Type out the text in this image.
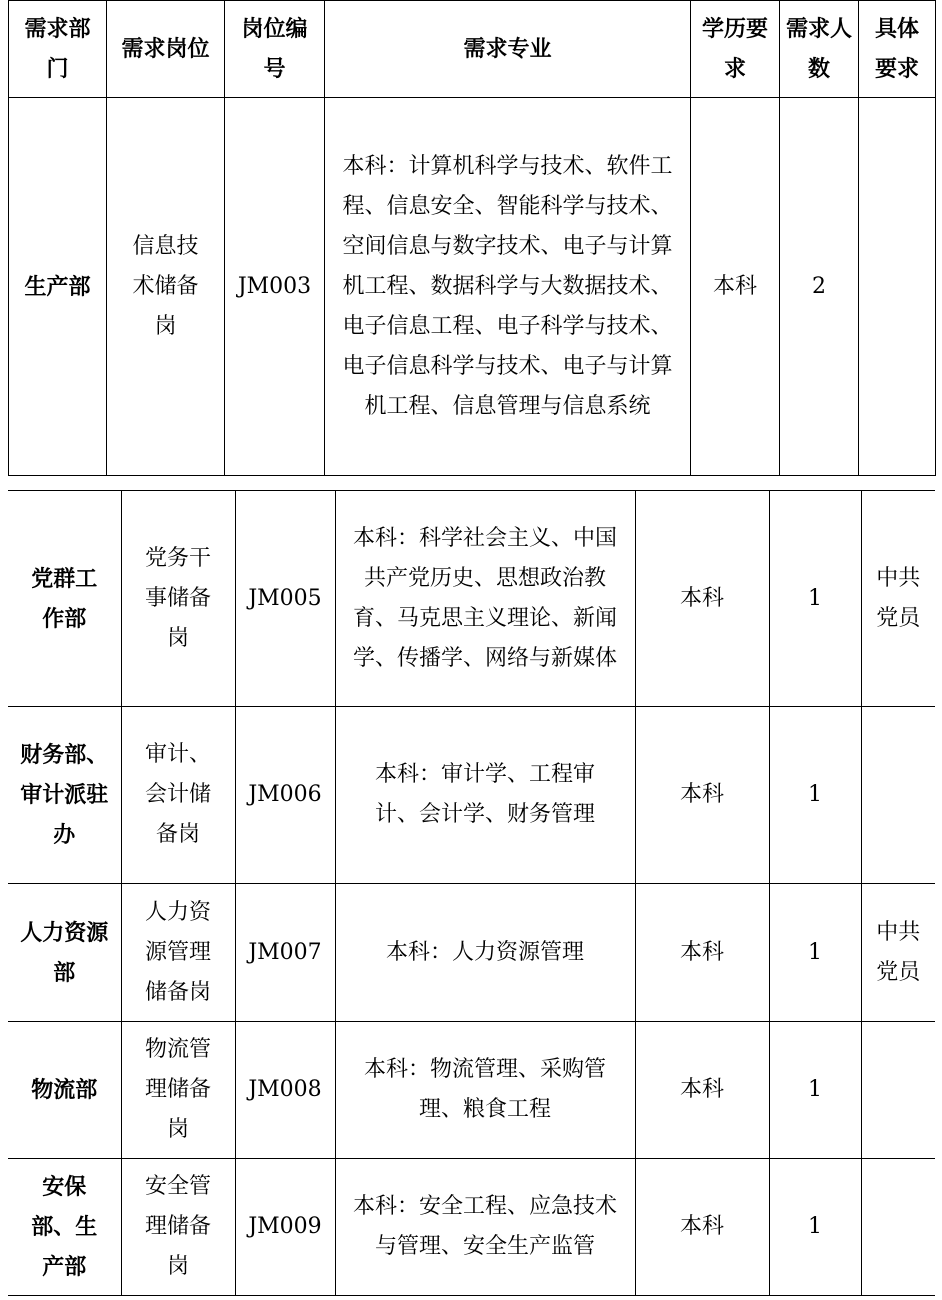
需求部门	需求岗位	岗位编号	需求专业	学历要求	需求人数	具体要求
生产部	信息技术储备岗	JM003	本科：计算机科学与技术、软件工程、信息安全、智能科学与技术、空间信息与数字技术、电子与计算机工程、数据科学与大数据技术、电子信息工程、电子科学与技术、电子信息科学与技术、电子与计算机工程、信息管理与信息系统	本科	2	
党群工作部	党务干事储备岗	JM005	本科：科学社会主义、中国共产党历史、思想政治教育、马克思主义理论、新闻学、传播学、网络与新媒体	本科	1	中共党员
财务部、审计派驻办	审计、会计储备岗	JM006	本科：审计学、工程审计、会计学、财务管理	本科	1	
人力资源部	人力资源管理储备岗	JM007	本科：人力资源管理	本科	1	中共党员
物流部	物流管理储备岗	JM008	本科：物流管理、采购管理、粮食工程	本科	1	
安保部、生产部	安全管理储备岗	JM009	本科：安全工程、应急技术与管理、安全生产监管	本科	1	
